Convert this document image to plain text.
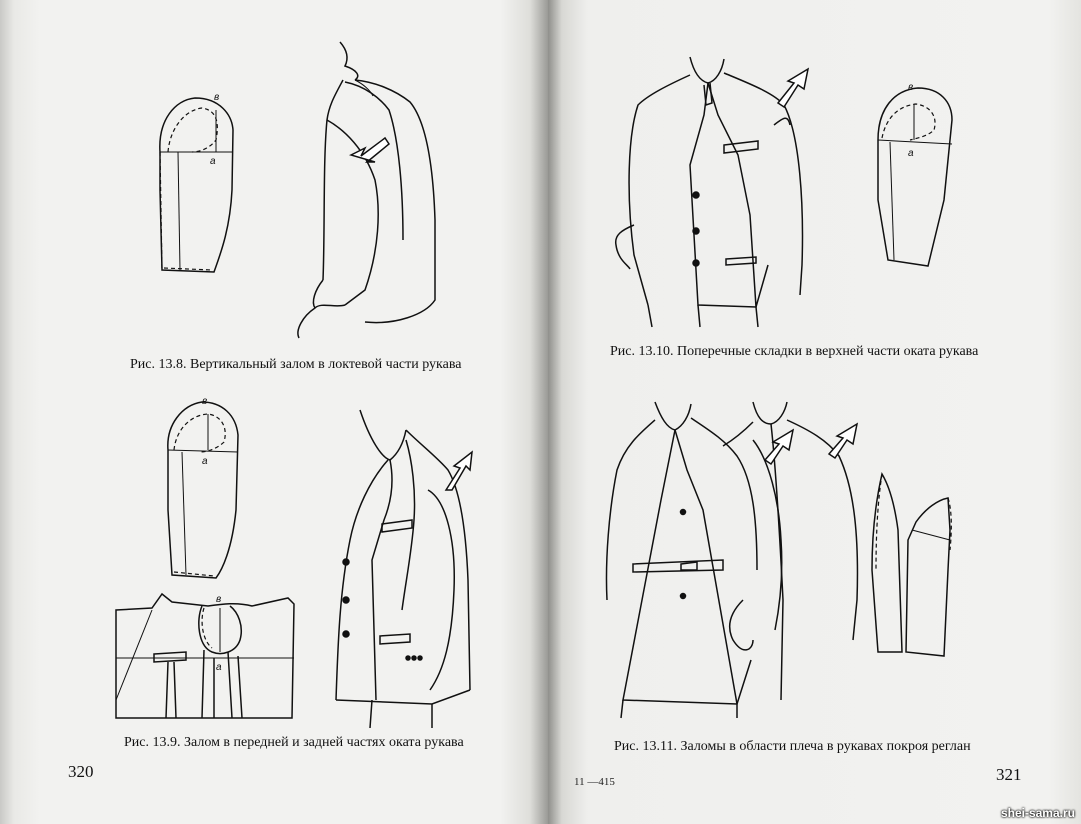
в
а
Рис. 13.8. Вертикальный залом в локтевой части рукава
в
а
в
а
Рис. 13.9. Залом в передней и задней частях оката рукава
320
в
а
Рис. 13.10. Поперечные складки в верхней части оката рукава
Рис. 13.11. Заломы в области плеча в рукавах покроя реглан
11 —415	321
shei-sama.ru
